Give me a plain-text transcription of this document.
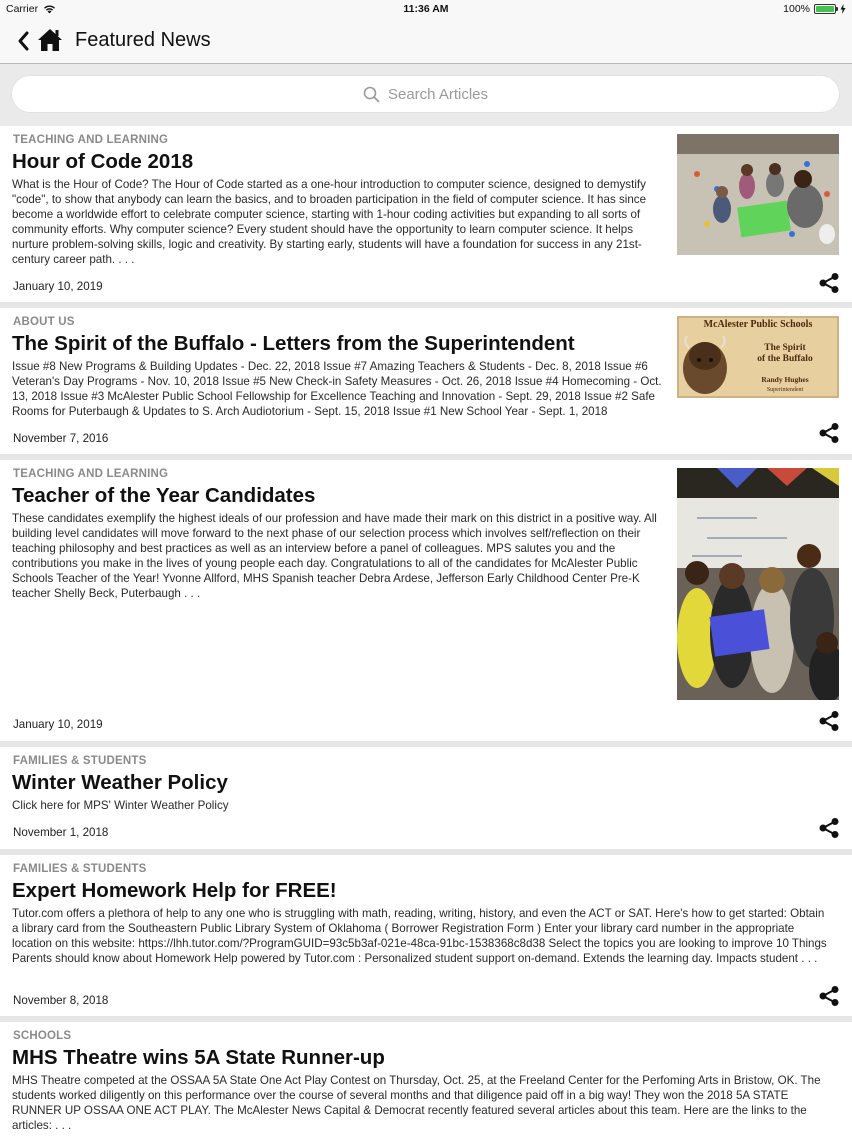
Carrier	11:36 AM	100%
Featured News
Search Articles
TEACHING AND LEARNING
Hour of Code 2018
What is the Hour of Code? The Hour of Code started as a one-hour introduction to computer science, designed to demystify "code", to show that anybody can learn the basics, and to broaden participation in the field of computer science. It has since become a worldwide effort to celebrate computer science, starting with 1-hour coding activities but expanding to all sorts of community efforts. Why computer science? Every student should have the opportunity to learn computer science. It helps nurture problem-solving skills, logic and creativity. By starting early, students will have a foundation for success in any 21st-century career path. . . .
January 10, 2019
ABOUT US
The Spirit of the Buffalo - Letters from the Superintendent
Issue #8 New Programs & Building Updates - Dec. 22, 2018 Issue #7 Amazing Teachers & Students - Dec. 8, 2018 Issue #6 Veteran's Day Programs - Nov. 10, 2018 Issue #5 New Check-in Safety Measures - Oct. 26, 2018 Issue #4 Homecoming - Oct. 13, 2018 Issue #3 McAlester Public School Fellowship for Excellence Teaching and Innovation - Sept. 29, 2018 Issue #2 Safe Rooms for Puterbaugh & Updates to S. Arch Audiotorium - Sept. 15, 2018 Issue #1 New School Year - Sept. 1, 2018
November 7, 2016
McAlester Public Schools
The Spirit
of the Buffalo
Randy Hughes
Superintendent
TEACHING AND LEARNING
Teacher of the Year Candidates
These candidates exemplify the highest ideals of our profession and have made their mark on this district in a positive way. All building level candidates will move forward to the next phase of our selection process which involves self/reflection on their teaching philosophy and best practices as well as an interview before a panel of colleagues. MPS salutes you and the contributions you make in the lives of young people each day. Congratulations to all of the candidates for McAlester Public Schools Teacher of the Year! Yvonne Allford, MHS Spanish teacher Debra Ardese, Jefferson Early Childhood Center Pre-K teacher Shelly Beck, Puterbaugh . . .
January 10, 2019
FAMILIES & STUDENTS
Winter Weather Policy
Click here for MPS' Winter Weather Policy
November 1, 2018
FAMILIES & STUDENTS
Expert Homework Help for FREE!
Tutor.com offers a plethora of help to any one who is struggling with math, reading, writing, history, and even the ACT or SAT. Here's how to get started: Obtain a library card from the Southeastern Public Library System of Oklahoma ( Borrower Registration Form ) Enter your library card number in the appropriate location on this website: https://lhh.tutor.com/?ProgramGUID=93c5b3af-021e-48ca-91bc-1538368c8d38 Select the topics you are looking to improve 10 Things Parents should know about Homework Help powered by Tutor.com : Personalized student support on-demand. Extends the learning day. Impacts student . . .
November 8, 2018
SCHOOLS
MHS Theatre wins 5A State Runner-up
MHS Theatre competed at the OSSAA 5A State One Act Play Contest on Thursday, Oct. 25, at the Freeland Center for the Perfoming Arts in Bristow, OK. The students worked diligently on this performance over the course of several months and that diligence paid off in a big way! They won the 2018 5A STATE RUNNER UP OSSAA ONE ACT PLAY. The McAlester News Capital & Democrat recently featured several articles about this team. Here are the links to the articles: . . .
